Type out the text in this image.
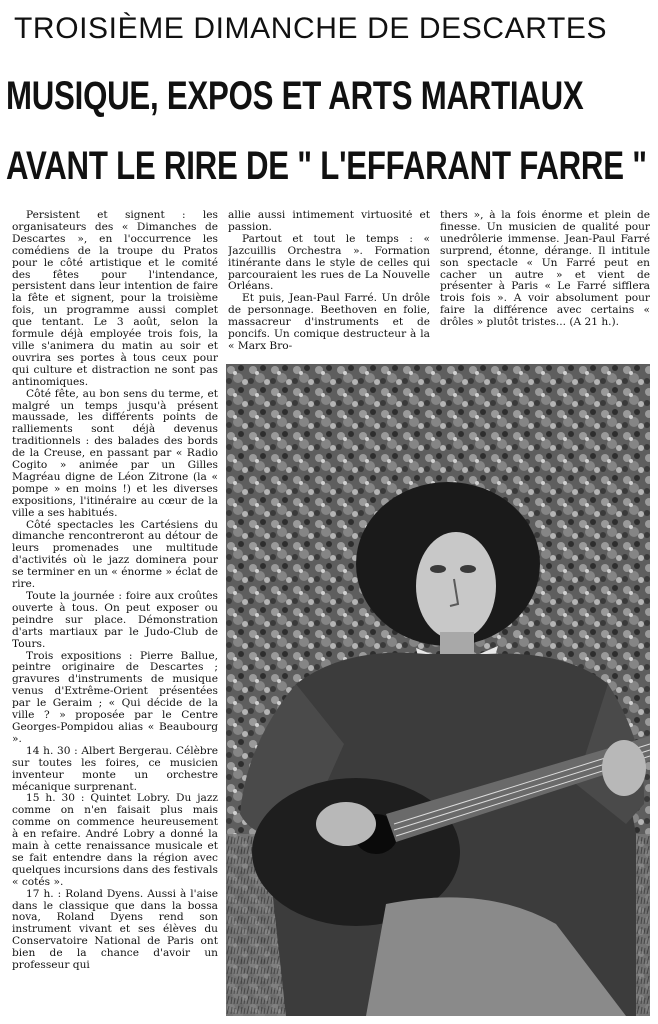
TROISIÈME DIMANCHE DE DESCARTES
MUSIQUE, EXPOS ET ARTS MARTIAUX
AVANT LE RIRE DE " L'EFFARANT FARRE "

Persistent et signent : les organisateurs des « Dimanches de Descartes », en l'occurrence les comédiens de la troupe du Pratos pour le côté artistique et le comité des fêtes pour l'intendance, persistent dans leur intention de faire la fête et signent, pour la troisième fois, un programme aussi complet que tentant. Le 3 août, selon la formule déjà employée trois fois, la ville s'animera du matin au soir et ouvrira ses portes à tous ceux pour qui culture et distraction ne sont pas antinomiques.

Côté fête, au bon sens du terme, et malgré un temps jusqu'à présent maussade, les différents points de ralliements sont déjà devenus traditionnels : des balades des bords de la Creuse, en passant par « Radio Cogito » animée par un Gilles Magréau digne de Léon Zitrone (la « pompe » en moins !) et les diverses expositions, l'itinéraire au cœur de la ville a ses habitués.

Côté spectacles les Cartésiens du dimanche rencontreront au détour de leurs promenades une multitude d'activités où le jazz dominera pour se terminer en un « énorme » éclat de rire.

Toute la journée : foire aux croûtes ouverte à tous. On peut exposer ou peindre sur place. Démonstration d'arts martiaux par le Judo-Club de Tours.

Trois expositions : Pierre Ballue, peintre originaire de Descartes ; gravures d'instruments de musique venus d'Extrême-Orient présentées par le Geraim ; « Qui décide de la ville ? » proposée par le Centre Georges-Pompidou alias « Beaubourg ».

14 h. 30 : Albert Bergerau. Célèbre sur toutes les foires, ce musicien inventeur monte un orchestre mécanique surprenant.

15 h. 30 : Quintet Lobry. Du jazz comme on n'en faisait plus mais comme on commence heureusement à en refaire. André Lobry a donné la main à cette renaissance musicale et se fait entendre dans la région avec quelques incursions dans des festivals « cotés ».

17 h. : Roland Dyens. Aussi à l'aise dans le classique que dans la bossa nova, Roland Dyens rend son instrument vivant et ses élèves du Conservatoire National de Paris ont bien de la chance d'avoir un professeur qui

allie aussi intimement virtuosité et passion.

Partout et tout le temps : « Jazcuillis Orchestra ». Formation itinérante dans le style de celles qui parcouraient les rues de La Nouvelle Orléans.

Et puis, Jean-Paul Farré. Un drôle de personnage. Beethoven en folie, massacreur d'instruments et de poncifs. Un comique destructeur à la « Marx Bro-

thers », à la fois énorme et plein de finesse. Un musicien de qualité pour unedrôlerie immense. Jean-Paul Farré surprend, étonne, dérange. Il intitule son spectacle « Un Farré peut en cacher un autre » et vient de présenter à Paris « Le Farré sifflera trois fois ». A voir absolument pour faire la différence avec certains « drôles » plutôt tristes... (A 21 h.).
